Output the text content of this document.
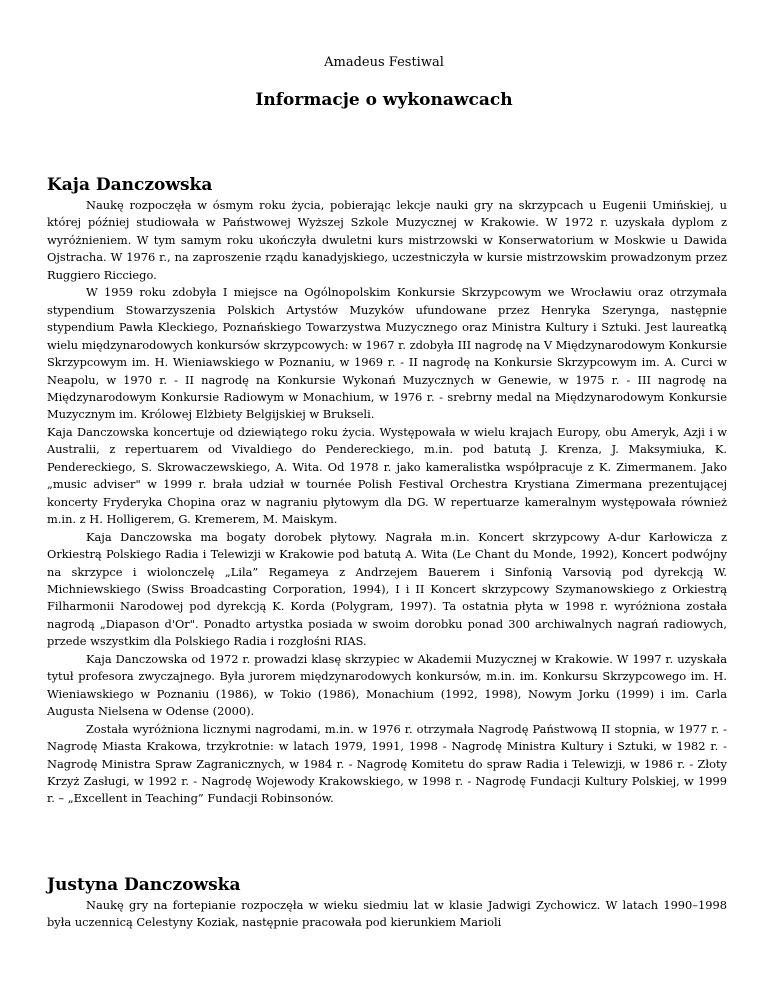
Amadeus Festiwal
Informacje o wykonawcach
Kaja Danczowska

Naukę rozpoczęła w ósmym roku życia, pobierając lekcje nauki gry na skrzypcach u Eugenii Umińskiej, u której później studiowała w Państwowej Wyższej Szkole Muzycznej w Krakowie. W 1972 r. uzyskała dyplom z wyróżnieniem. W tym samym roku ukończyła dwuletni kurs mistrzowski w Konserwatorium w Moskwie u Dawida Ojstracha. W 1976 r., na zaproszenie rządu kanadyjskiego, uczestniczyła w kursie mistrzowskim prowadzonym przez Ruggiero Ricciego.

W 1959 roku zdobyła I miejsce na Ogólnopolskim Konkursie Skrzypcowym we Wrocławiu oraz otrzymała stypendium Stowarzyszenia Polskich Artystów Muzyków ufundowane przez Henryka Szerynga, następnie stypendium Pawła Kleckiego, Poznańskiego Towarzystwa Muzycznego oraz Ministra Kultury i Sztuki. Jest laureatką wielu międzynarodowych konkursów skrzypcowych: w 1967 r. zdobyła III nagrodę na V Międzynarodowym Konkursie Skrzypcowym im. H. Wieniawskiego w Poznaniu, w 1969 r. - II nagrodę na Konkursie Skrzypcowym im. A. Curci w Neapolu, w 1970 r. - II nagrodę na Konkursie Wykonań Muzycznych w Genewie, w 1975 r. - III nagrodę na Międzynarodowym Konkursie Radiowym w Monachium, w 1976 r. - srebrny medal na Międzynarodowym Konkursie Muzycznym im. Królowej Elżbiety Belgijskiej w Brukseli.

Kaja Danczowska koncertuje od dziewiątego roku życia. Występowała w wielu krajach Europy, obu Ameryk, Azji i w Australii, z repertuarem od Vivaldiego do Pendereckiego, m.in. pod batutą J. Krenza, J. Maksymiuka, K. Pendereckiego, S. Skrowaczewskiego, A. Wita. Od 1978 r. jako kameralistka współpracuje z K. Zimermanem. Jako „music adviser" w 1999 r. brała udział w tournée Polish Festival Orchestra Krystiana Zimermana prezentującej koncerty Fryderyka Chopina oraz w nagraniu płytowym dla DG. W repertuarze kameralnym występowała również m.in. z H. Holligerem, G. Kremerem, M. Maiskym.

Kaja Danczowska ma bogaty dorobek płytowy. Nagrała m.in. Koncert skrzypcowy A-dur Karłowicza z Orkiestrą Polskiego Radia i Telewizji w Krakowie pod batutą A. Wita (Le Chant du Monde, 1992), Koncert podwójny na skrzypce i wiolonczelę „Lila” Regameya z Andrzejem Bauerem i Sinfonią Varsovią pod dyrekcją W. Michniewskiego (Swiss Broadcasting Corporation, 1994), I i II Koncert skrzypcowy Szymanowskiego z Orkiestrą Filharmonii Narodowej pod dyrekcją K. Korda (Polygram, 1997). Ta ostatnia płyta w 1998 r. wyróżniona została nagrodą „Diapason d'Or". Ponadto artystka posiada w swoim dorobku ponad 300 archiwalnych nagrań radiowych, przede wszystkim dla Polskiego Radia i rozgłośni RIAS.

Kaja Danczowska od 1972 r. prowadzi klasę skrzypiec w Akademii Muzycznej w Krakowie. W 1997 r. uzyskała tytuł profesora zwyczajnego. Była jurorem międzynarodowych konkursów, m.in. im. Konkursu Skrzypcowego im. H. Wieniawskiego w Poznaniu (1986), w Tokio (1986), Monachium (1992, 1998), Nowym Jorku (1999) i im. Carla Augusta Nielsena w Odense (2000).

Została wyróżniona licznymi nagrodami, m.in. w 1976 r. otrzymała Nagrodę Państwową II stopnia, w 1977 r. - Nagrodę Miasta Krakowa, trzykrotnie: w latach 1979, 1991, 1998 - Nagrodę Ministra Kultury i Sztuki, w 1982 r. - Nagrodę Ministra Spraw Zagranicznych, w 1984 r. - Nagrodę Komitetu do spraw Radia i Telewizji, w 1986 r. - Złoty Krzyż Zasługi, w 1992 r. - Nagrodę Wojewody Krakowskiego, w 1998 r. - Nagrodę Fundacji Kultury Polskiej, w 1999 r. – „Excellent in Teaching” Fundacji Robinsonów.

Justyna Danczowska

Naukę gry na fortepianie rozpoczęła w wieku siedmiu lat w klasie Jadwigi Zychowicz. W latach 1990–1998 była uczennicą Celestyny Koziak, następnie pracowała pod kierunkiem Marioli
